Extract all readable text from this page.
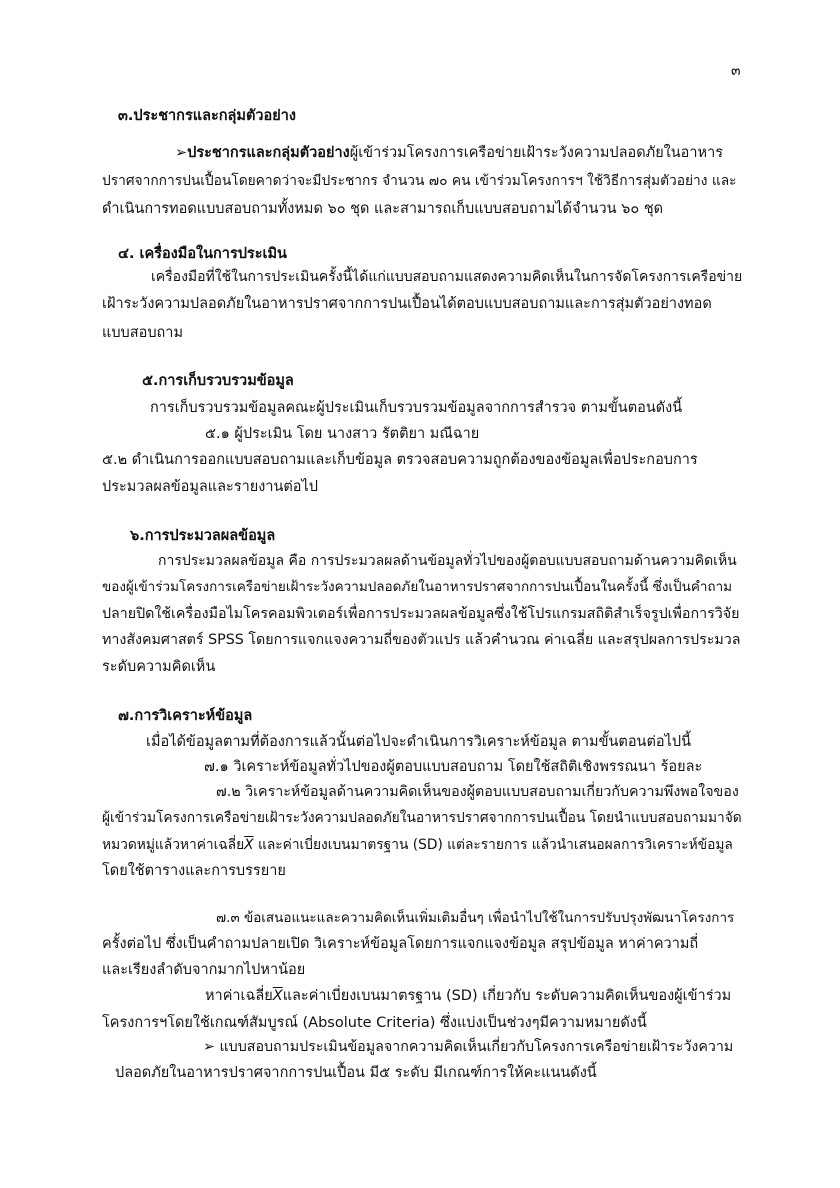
๓
๓.ประชากรและกลุ่มตัวอย่าง
➢ประชากรและกลุ่มตัวอย่างผู้เข้าร่วมโครงการเครือข่ายเฝ้าระวังความปลอดภัยในอาหาร
ปราศจากการปนเปื้อนโดยคาดว่าจะมีประชากร จำนวน ๗๐ คน เข้าร่วมโครงการฯ ใช้วิธีการสุ่มตัวอย่าง และ
ดำเนินการทอดแบบสอบถามทั้งหมด ๖๐ ชุด และสามารถเก็บแบบสอบถามได้จำนวน ๖๐ ชุด
๔. เครื่องมือในการประเมิน
เครื่องมือที่ใช้ในการประเมินครั้งนี้ได้แก่แบบสอบถามแสดงความคิดเห็นในการจัดโครงการเครือข่าย
เฝ้าระวังความปลอดภัยในอาหารปราศจากการปนเปื้อนได้ตอบแบบสอบถามและการสุ่มตัวอย่างทอด
แบบสอบถาม
๕.การเก็บรวบรวมข้อมูล
การเก็บรวบรวมข้อมูลคณะผู้ประเมินเก็บรวบรวมข้อมูลจากการสำรวจ ตามขั้นตอนดังนี้
๕.๑ ผู้ประเมิน โดย นางสาว รัตติยา มณีฉาย
๕.๒ ดำเนินการออกแบบสอบถามและเก็บข้อมูล ตรวจสอบความถูกต้องของข้อมูลเพื่อประกอบการ
ประมวลผลข้อมูลและรายงานต่อไป
๖.การประมวลผลข้อมูล
การประมวลผลข้อมูล คือ การประมวลผลด้านข้อมูลทั่วไปของผู้ตอบแบบสอบถามด้านความคิดเห็น
ของผู้เข้าร่วมโครงการเครือข่ายเฝ้าระวังความปลอดภัยในอาหารปราศจากการปนเปื้อนในครั้งนี้ ซึ่งเป็นคำถาม
ปลายปิดใช้เครื่องมือไมโครคอมพิวเตอร์เพื่อการประมวลผลข้อมูลซึ่งใช้โปรแกรมสถิติสำเร็จรูปเพื่อการวิจัย
ทางสังคมศาสตร์ SPSS โดยการแจกแจงความถี่ของตัวแปร แล้วคำนวณ ค่าเฉลี่ย และสรุปผลการประมวล
ระดับความคิดเห็น
๗.การวิเคราะห์ข้อมูล
เมื่อได้ข้อมูลตามที่ต้องการแล้วนั้นต่อไปจะดำเนินการวิเคราะห์ข้อมูล ตามขั้นตอนต่อไปนี้
๗.๑ วิเคราะห์ข้อมูลทั่วไปของผู้ตอบแบบสอบถาม โดยใช้สถิติเชิงพรรณนา ร้อยละ
๗.๒ วิเคราะห์ข้อมูลด้านความคิดเห็นของผู้ตอบแบบสอบถามเกี่ยวกับความพึงพอใจของ
ผู้เข้าร่วมโครงการเครือข่ายเฝ้าระวังความปลอดภัยในอาหารปราศจากการปนเปื้อน โดยนำแบบสอบถามมาจัด
หมวดหมู่แล้วหาค่าเฉลี่ย$\overline{X}$ และค่าเบี่ยงเบนมาตรฐาน (SD) แต่ละรายการ แล้วนำเสนอผลการวิเคราะห์ข้อมูล
โดยใช้ตารางและการบรรยาย
๗.๓ ข้อเสนอแนะและความคิดเห็นเพิ่มเติมอื่นๆ เพื่อนำไปใช้ในการปรับปรุงพัฒนาโครงการ
ครั้งต่อไป ซึ่งเป็นคำถามปลายเปิด วิเคราะห์ข้อมูลโดยการแจกแจงข้อมูล สรุปข้อมูล หาค่าความถี่
และเรียงลำดับจากมากไปหาน้อย
หาค่าเฉลี่ย$\overline{X}$และค่าเบี่ยงเบนมาตรฐาน (SD) เกี่ยวกับ ระดับความคิดเห็นของผู้เข้าร่วม
โครงการฯโดยใช้เกณฑ์สัมบูรณ์ (Absolute Criteria) ซึ่งแบ่งเป็นช่วงๆมีความหมายดังนี้
➢ แบบสอบถามประเมินข้อมูลจากความคิดเห็นเกี่ยวกับโครงการเครือข่ายเฝ้าระวังความ
ปลอดภัยในอาหารปราศจากการปนเปื้อน มี๕ ระดับ มีเกณฑ์การให้คะแนนดังนี้
